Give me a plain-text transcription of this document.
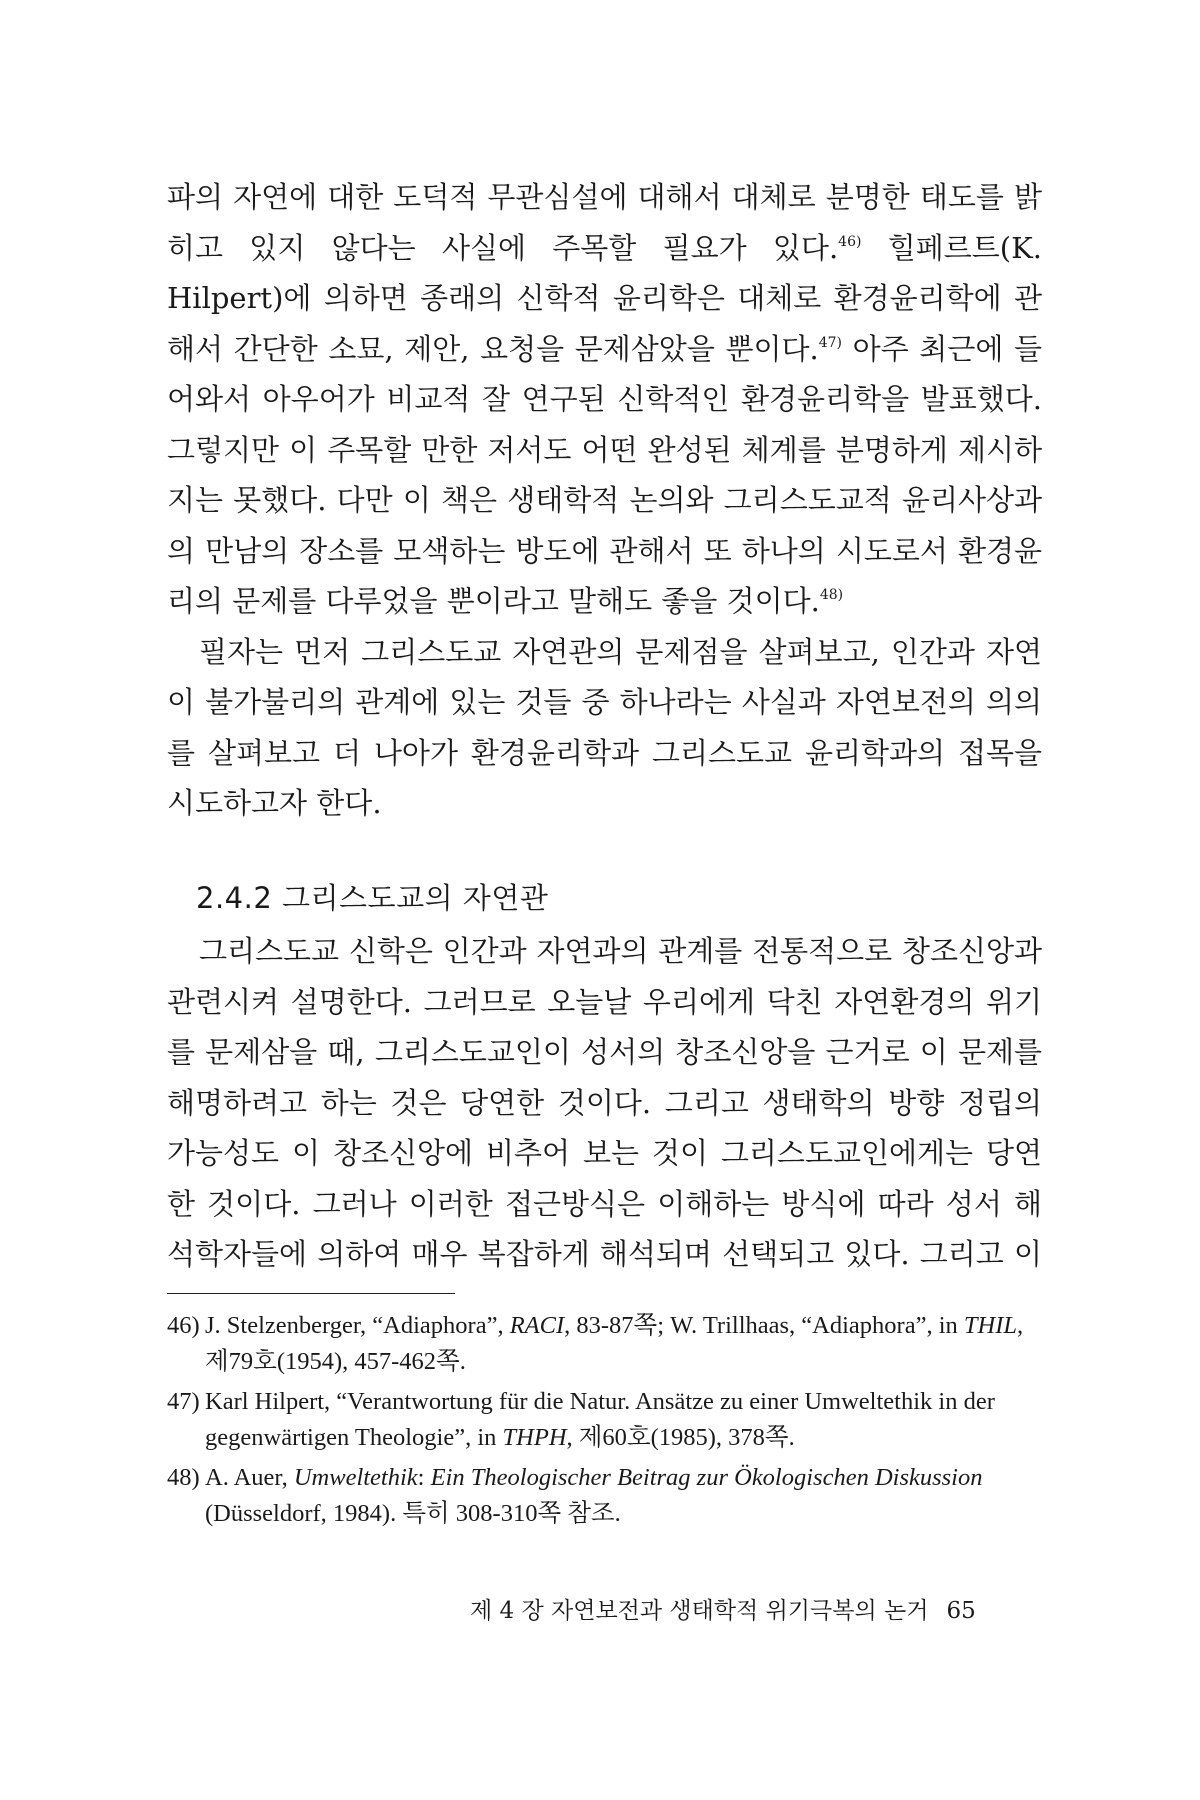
파의 자연에 대한 도덕적 무관심설에 대해서 대체로 분명한 태도를 밝히고 있지 않다는 사실에 주목할 필요가 있다.$^{46)}$ 힐페르트(K. Hilpert)에 의하면 종래의 신학적 윤리학은 대체로 환경윤리학에 관해서 간단한 소묘, 제안, 요청을 문제삼았을 뿐이다.$^{47)}$ 아주 최근에 들어와서 아우어가 비교적 잘 연구된 신학적인 환경윤리학을 발표했다. 그렇지만 이 주목할 만한 저서도 어떤 완성된 체계를 분명하게 제시하지는 못했다. 다만 이 책은 생태학적 논의와 그리스도교적 윤리사상과의 만남의 장소를 모색하는 방도에 관해서 또 하나의 시도로서 환경윤리의 문제를 다루었을 뿐이라고 말해도 좋을 것이다.$^{48)}$

필자는 먼저 그리스도교 자연관의 문제점을 살펴보고, 인간과 자연이 불가불리의 관계에 있는 것들 중 하나라는 사실과 자연보전의 의의를 살펴보고 더 나아가 환경윤리학과 그리스도교 윤리학과의 접목을 시도하고자 한다.

2.4.2 그리스도교의 자연관

그리스도교 신학은 인간과 자연과의 관계를 전통적으로 창조신앙과 관련시켜 설명한다. 그러므로 오늘날 우리에게 닥친 자연환경의 위기를 문제삼을 때, 그리스도교인이 성서의 창조신앙을 근거로 이 문제를 해명하려고 하는 것은 당연한 것이다. 그리고 생태학의 방향 정립의 가능성도 이 창조신앙에 비추어 보는 것이 그리스도교인에게는 당연한 것이다. 그러나 이러한 접근방식은 이해하는 방식에 따라 성서 해석학자들에 의하여 매우 복잡하게 해석되며 선택되고 있다. 그리고 이

46) J. Stelzenberger, “Adiaphora”, RACI, 83-87쪽; W. Trillhaas, “Adiaphora”, in THIL, 제79호(1954), 457-462쪽.
47) Karl Hilpert, “Verantwortung für die Natur. Ansätze zu einer Umweltethik in der gegenwärtigen Theologie”, in THPH, 제60호(1985), 378쪽.
48) A. Auer, Umweltethik: Ein Theologischer Beitrag zur Ökologischen Diskussion (Düsseldorf, 1984). 특히 308-310쪽 참조.
제 4 장 자연보전과 생태학적 위기극복의 논거 65
